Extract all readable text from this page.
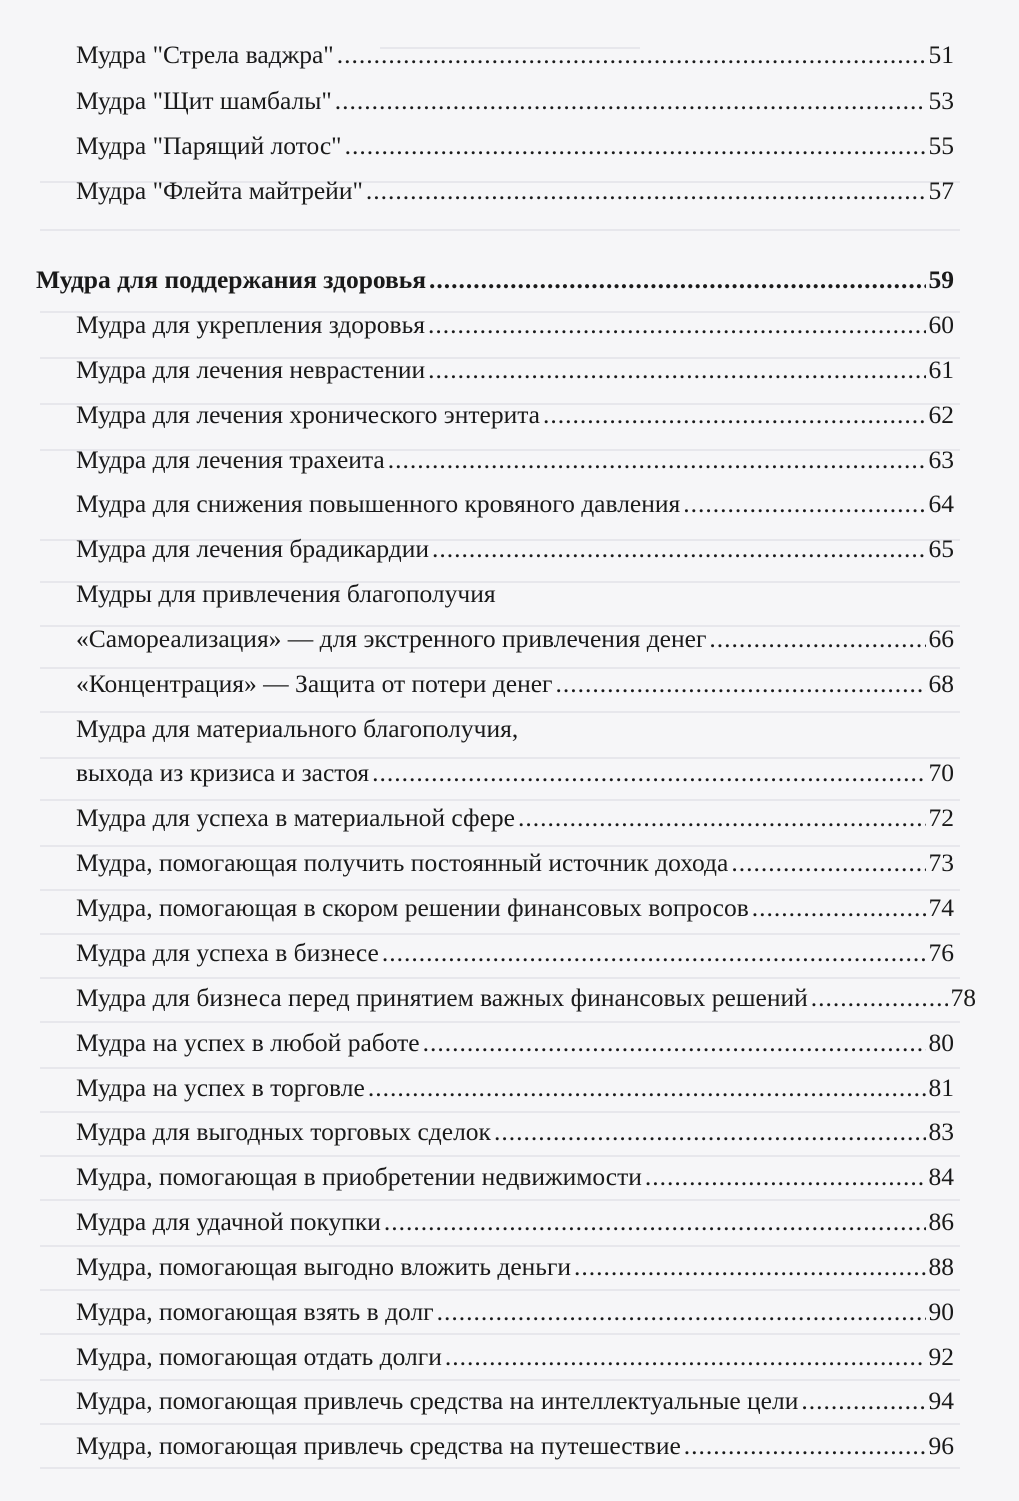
Мудра "Стрела ваджра" .....	51
Мудра "Щит шамбалы" .....	53
Мудра "Парящий лотос" .....	55
Мудра "Флейта майтрейи" .....	57
Мудра для поддержания здоровья .....	59
Мудра для укрепления здоровья .....	60
Мудра для лечения неврастении .....	61
Мудра для лечения хронического энтерита .....	62
Мудра для лечения трахеита .....	63
Мудра для снижения повышенного кровяного давления .....	64
Мудра для лечения брадикардии .....	65
Мудры для привлечения благополучия
«Самореализация» — для экстренного привлечения денег .....	66
«Концентрация» — Защита от потери денег .....	68
Мудра для материального благополучия,
выхода из кризиса и застоя .....	70
Мудра для успеха в материальной сфере .....	72
Мудра, помогающая получить постоянный источник дохода .....	73
Мудра, помогающая в скором решении финансовых вопросов .....	74
Мудра для успеха в бизнесе .....	76
Мудра для бизнеса перед принятием важных финансовых решений .....	78
Мудра на успех в любой работе .....	80
Мудра на успех в торговле .....	81
Мудра для выгодных торговых сделок .....	83
Мудра, помогающая в приобретении недвижимости .....	84
Мудра для удачной покупки .....	86
Мудра, помогающая выгодно вложить деньги .....	88
Мудра, помогающая взять в долг .....	90
Мудра, помогающая отдать долги .....	92
Мудра, помогающая привлечь средства на интеллектуальные цели .....	94
Мудра, помогающая привлечь средства на путешествие .....	96
